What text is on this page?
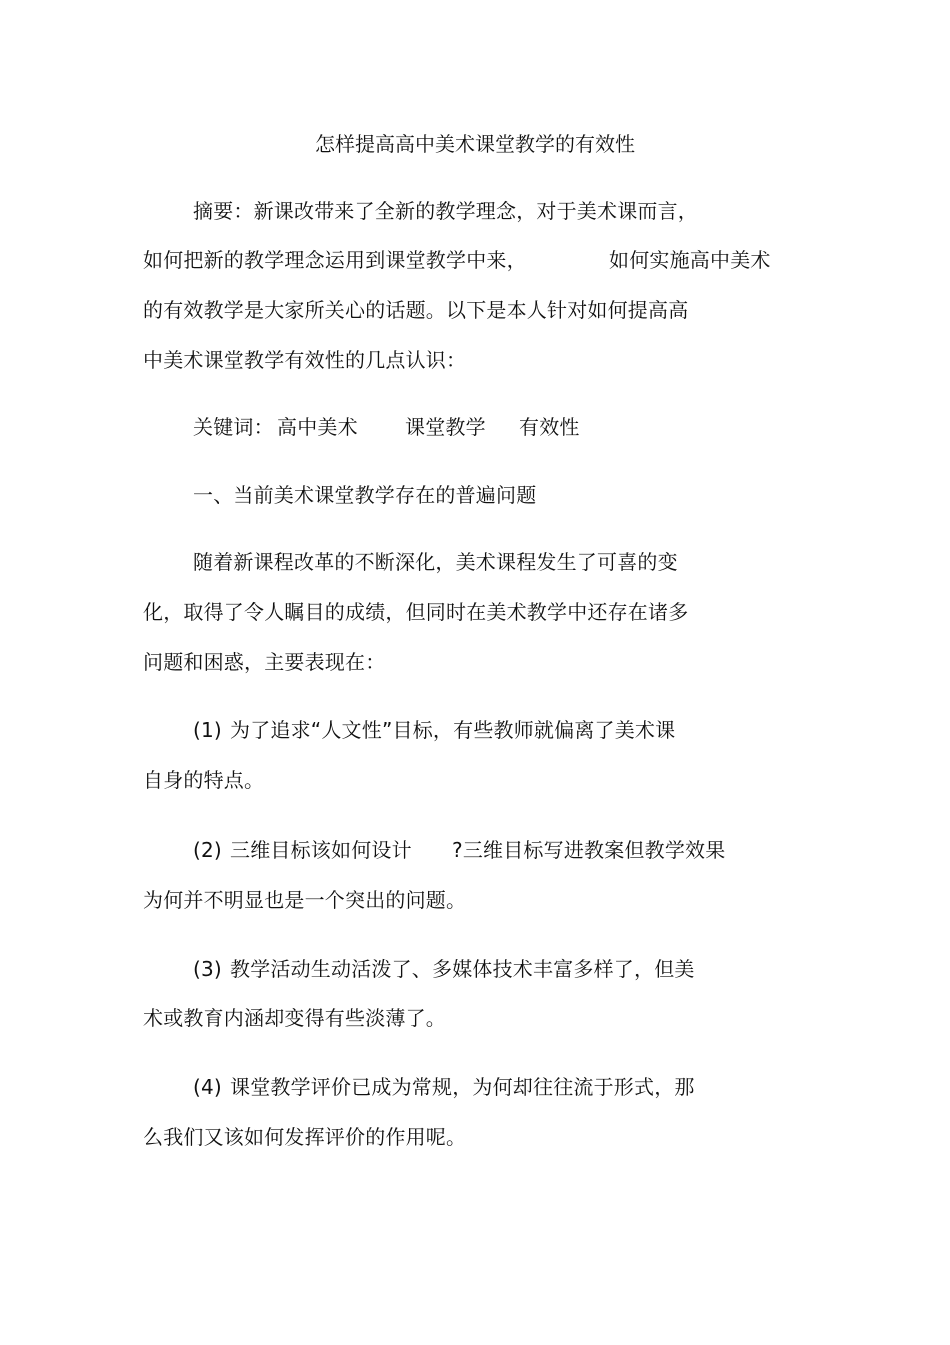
怎样提高高中美术课堂教学的有效性
摘要：新课改带来了全新的教学理念，对于美术课而言，
如何把新的教学理念运用到课堂教学中来，	如何实施高中美术
的有效教学是大家所关心的话题。以下是本人针对如何提高高
中美术课堂教学有效性的几点认识：
关键词： 高中美术 课堂教学 有效性
一、当前美术课堂教学存在的普遍问题
随着新课程改革的不断深化，美术课程发生了可喜的变
化，取得了令人瞩目的成绩，但同时在美术教学中还存在诸多
问题和困惑，主要表现在：
(1) 为了追求“人文性”目标，有些教师就偏离了美术课
自身的特点。
(2) 三维目标该如何设计 ?三维目标写进教案但教学效果
为何并不明显也是一个突出的问题。
(3) 教学活动生动活泼了、多媒体技术丰富多样了，但美
术或教育内涵却变得有些淡薄了。
(4) 课堂教学评价已成为常规，为何却往往流于形式，那
么我们又该如何发挥评价的作用呢。
